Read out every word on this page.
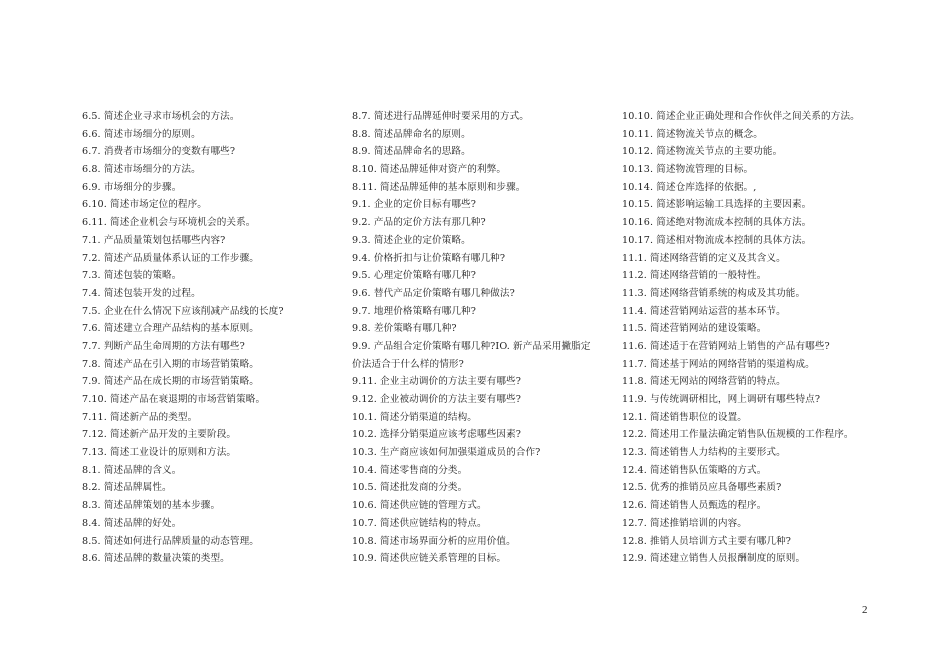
6.5. 简述企业寻求市场机会的方法。
6.6. 简述市场细分的原则。
6.7. 消费者市场细分的变数有哪些?
6.8. 简述市场细分的方法。
6.9. 市场细分的步骤。
6.10. 简述市场定位的程序。
6.11. 简述企业机会与环境机会的关系。
7.1. 产品质量策划包括哪些内容?
7.2. 简述产品质量体系认证的工作步骤。
7.3. 简述包装的策略。
7.4. 简述包装开发的过程。
7.5. 企业在什么情况下应该削减产品线的长度?
7.6. 简述建立合理产品结构的基本原则。
7.7. 判断产品生命周期的方法有哪些?
7.8. 简述产品在引入期的市场营销策略。
7.9. 简述产品在成长期的市场营销策略。
7.10. 简述产品在衰退期的市场营销策略。
7.11. 简述新产品的类型。
7.12. 简述新产品开发的主要阶段。
7.13. 简述工业设计的原则和方法。
8.1. 简述品牌的含义。
8.2. 简述品牌属性。
8.3. 简述品牌策划的基本步骤。
8.4. 简述品牌的好处。
8.5. 简述如何进行品牌质量的动态管理。
8.6. 简述品牌的数量决策的类型。
8.7. 简述进行品牌延伸时要采用的方式。
8.8. 简述品牌命名的原则。
8.9. 简述品牌命名的思路。
8.10. 简述品牌延伸对资产的利弊。
8.11. 简述品牌延伸的基本原则和步骤。
9.1. 企业的定价目标有哪些?
9.2. 产品的定价方法有那几种?
9.3. 简述企业的定价策略。
9.4. 价格折扣与让价策略有哪几种?
9.5. 心理定价策略有哪几种?
9.6. 替代产品定价策略有哪几种做法?
9.7. 地理价格策略有哪几种?
9.8. 差价策略有哪几种?
9.9. 产品组合定价策略有哪几种?IO. 新产品采用撇脂定
价法适合于什么样的情形?
9.11. 企业主动调价的方法主要有哪些?
9.12. 企业被动调价的方法主要有哪些?
10.1. 简述分销渠道的结构。
10.2. 选择分销渠道应该考虑哪些因素?
10.3. 生产商应该如何加强渠道成员的合作?
10.4. 简述零售商的分类。
10.5. 简述批发商的分类。
10.6. 简述供应链的管理方式。
10.7. 简述供应链结构的特点。
10.8. 简述市场界面分析的应用价值。
10.9. 简述供应链关系管理的目标。
10.10. 简述企业正确处理和合作伙伴之间关系的方法。
10.11. 简述物流关节点的概念。
10.12. 简述物流关节点的主要功能。
10.13. 简述物流管理的目标。
10.14. 简述仓库选择的依据。,
10.15. 简述影响运输工具选择的主要因素。
10.16. 简述绝对物流成本控制的具体方法。
10.17. 简述相对物流成本控制的具体方法。
11.1. 简述网络营销的定义及其含义。
11.2. 简述网络营销的一般特性。
11.3. 简述网络营销系统的构成及其功能。
11.4. 简述营销网站运营的基本环节。
11.5. 简述营销网站的建设策略。
11.6. 简述适于在营销网站上销售的产品有哪些?
11.7. 简述基于网站的网络营销的渠道构成。
11.8. 简述无网站的网络营销的特点。
11.9. 与传统调研相比，网上调研有哪些特点?
12.1. 简述销售职位的设置。
12.2. 简述用工作量法确定销售队伍规模的工作程序。
12.3. 简述销售人力结构的主要形式。
12.4. 简述销售队伍策略的方式。
12.5. 优秀的推销员应具备哪些素质?
12.6. 简述销售人员甄选的程序。
12.7. 简述推销培训的内容。
12.8. 推销人员培训方式主要有哪几种?
12.9. 简述建立销售人员报酬制度的原则。
2
